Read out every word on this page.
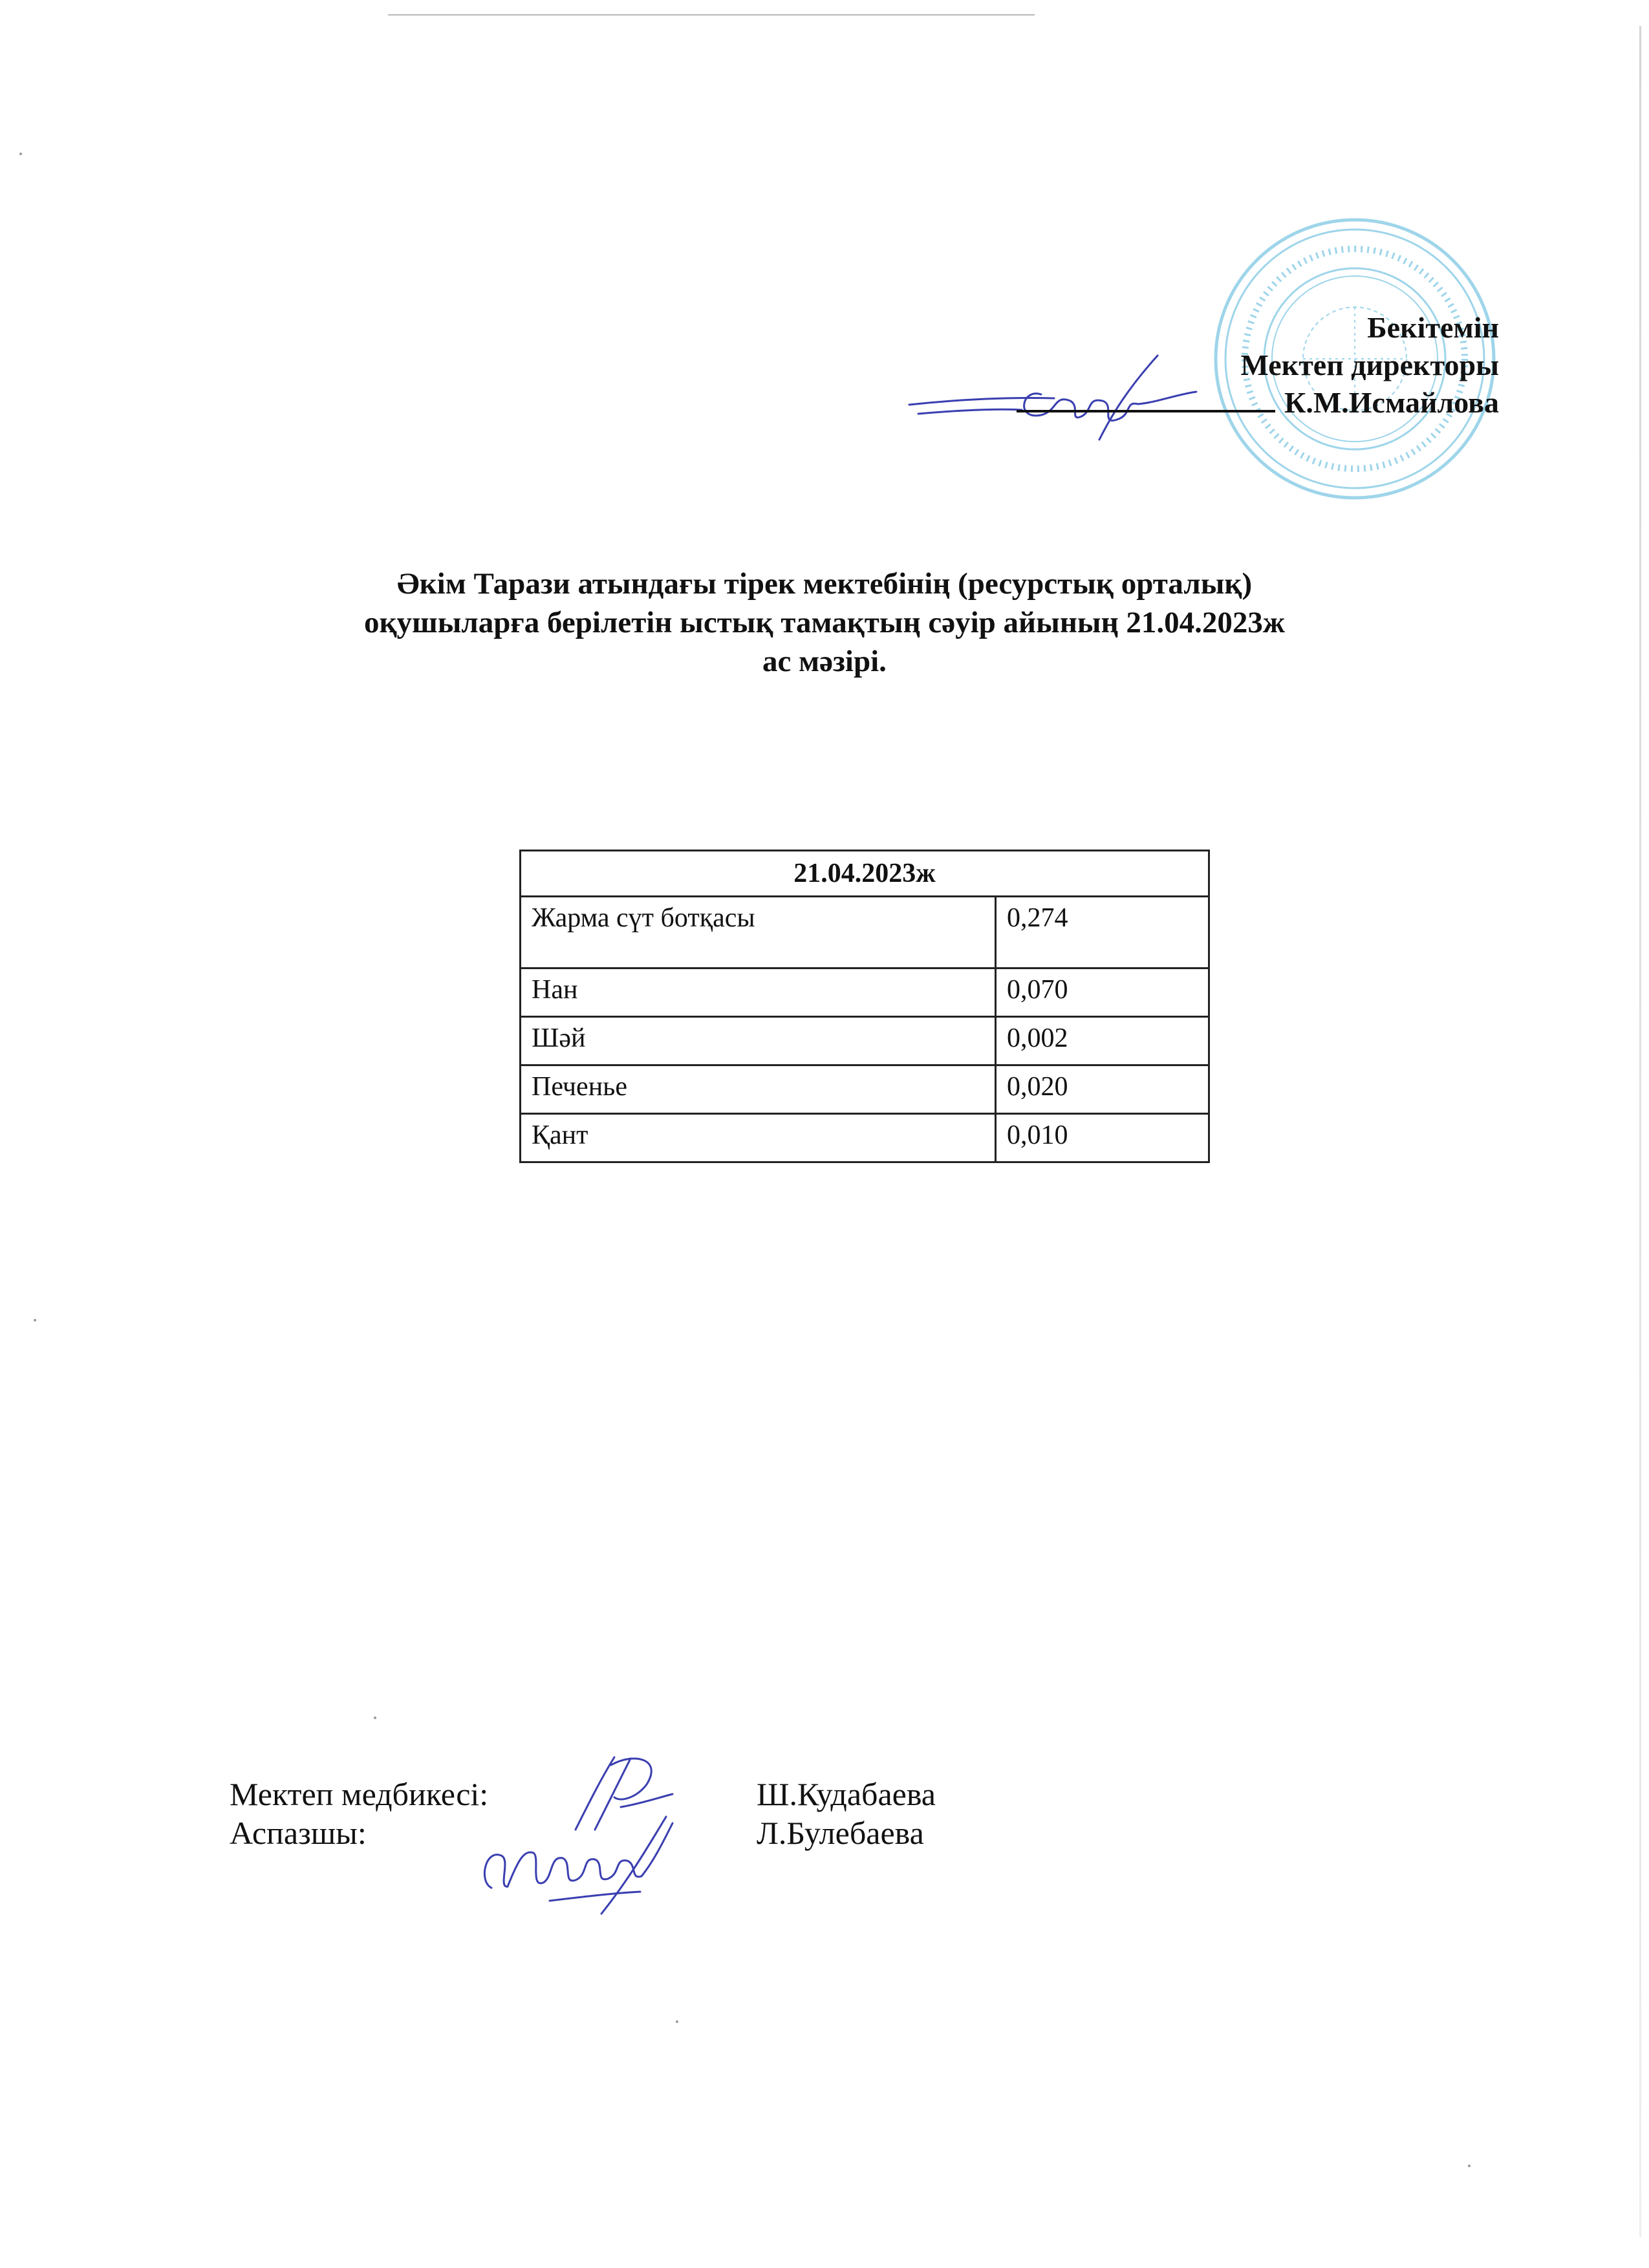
Бекітемін
Мектеп директоры
К.М.Исмайлова
Әкім Тарази атындағы тірек мектебінің (ресурстық орталық)
оқушыларға берілетін ыстық тамақтың сәуір айының 21.04.2023ж
ас мәзірі.
21.04.2023ж	
Жарма сүт ботқасы	0,274
Нан	0,070
Шәй	0,002
Печенье	0,020
Қант	0,010
Мектеп медбикесі:	Ш.Кудабаева
Аспазшы:	Л.Булебаева
